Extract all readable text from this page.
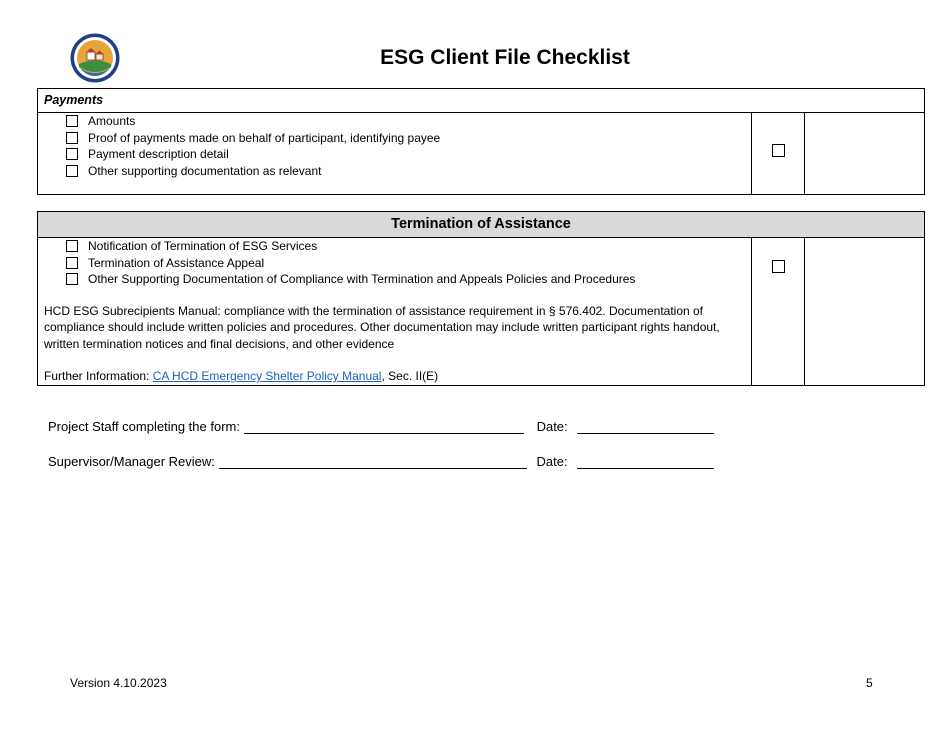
ESG Client File Checklist
Payments

Amounts
Proof of payments made on behalf of participant, identifying payee
Payment description detail
Other supporting documentation as relevant

Termination of Assistance

Notification of Termination of ESG Services
Termination of Assistance Appeal
Other Supporting Documentation of Compliance with Termination and Appeals Policies and Procedures
HCD ESG Subrecipients Manual: compliance with the termination of assistance requirement in § 576.402. Documentation of compliance should include written policies and procedures. Other documentation may include written participant rights handout, written termination notices and final decisions, and other evidence
Further Information: CA HCD Emergency Shelter Policy Manual, Sec. II(E)

Project Staff completing the form:	Date:
Supervisor/Manager Review:	Date:
Version 4.10.2023	5
